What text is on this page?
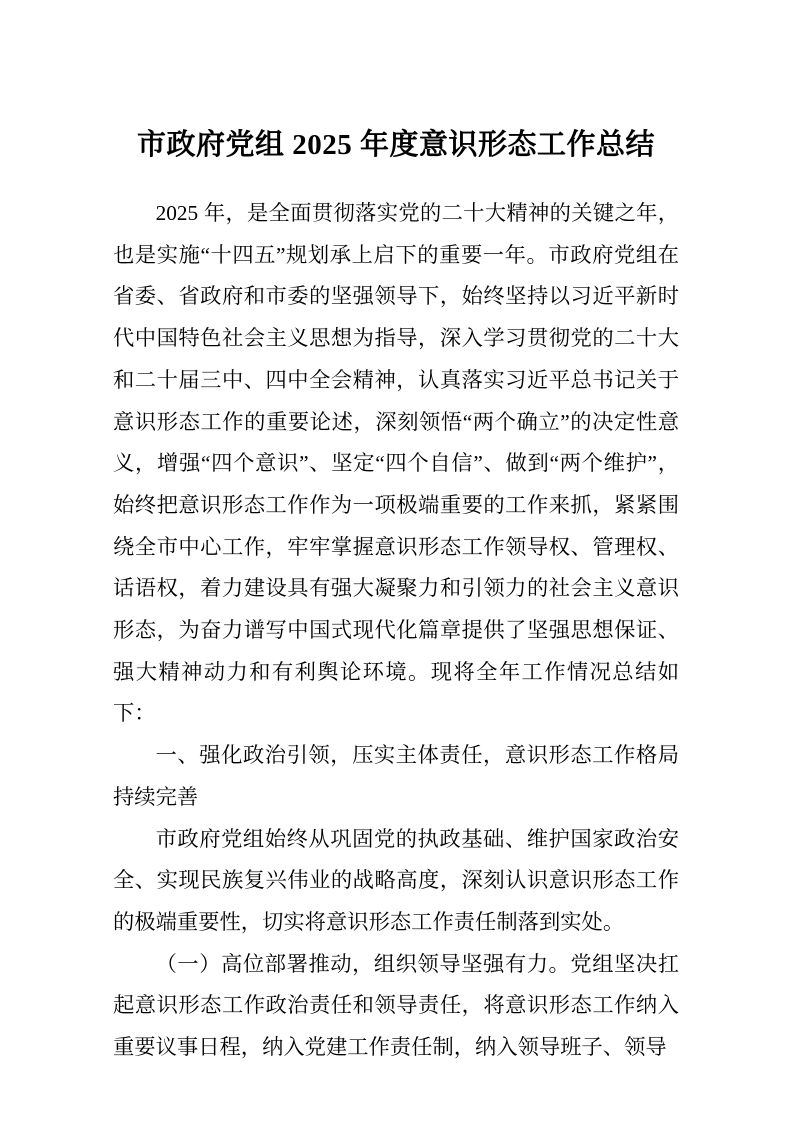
市政府党组 2025 年度意识形态工作总结

2025 年，是全面贯彻落实党的二十大精神的关键之年，也是实施“十四五”规划承上启下的重要一年。市政府党组在省委、省政府和市委的坚强领导下，始终坚持以习近平新时代中国特色社会主义思想为指导，深入学习贯彻党的二十大和二十届三中、四中全会精神，认真落实习近平总书记关于意识形态工作的重要论述，深刻领悟“两个确立”的决定性意义，增强“四个意识”、坚定“四个自信”、做到“两个维护”，始终把意识形态工作作为一项极端重要的工作来抓，紧紧围绕全市中心工作，牢牢掌握意识形态工作领导权、管理权、话语权，着力建设具有强大凝聚力和引领力的社会主义意识形态，为奋力谱写中国式现代化篇章提供了坚强思想保证、强大精神动力和有利舆论环境。现将全年工作情况总结如下：

一、强化政治引领，压实主体责任，意识形态工作格局持续完善

市政府党组始终从巩固党的执政基础、维护国家政治安全、实现民族复兴伟业的战略高度，深刻认识意识形态工作的极端重要性，切实将意识形态工作责任制落到实处。

（一）高位部署推动，组织领导坚强有力。党组坚决扛起意识形态工作政治责任和领导责任，将意识形态工作纳入重要议事日程，纳入党建工作责任制，纳入领导班子、领导
